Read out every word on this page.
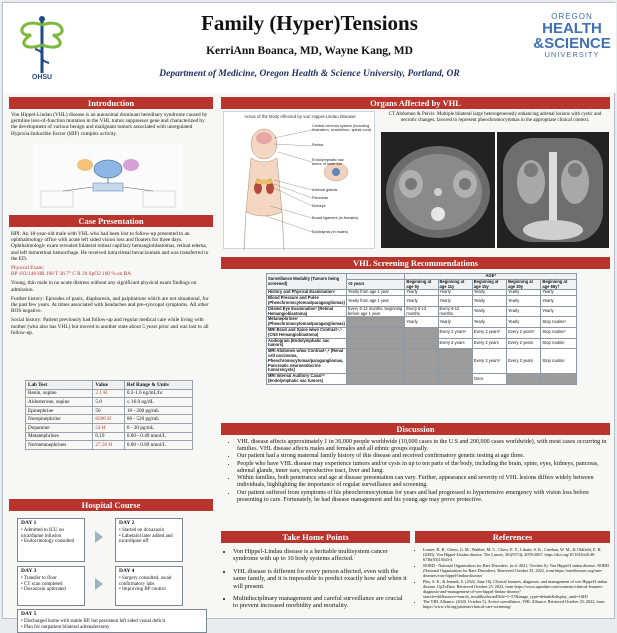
OHSU
Family (Hyper)Tensions
KerriAnn Boanca, MD, Wayne Kang, MD
Department of Medicine, Oregon Health & Science University, Portland, OR
OREGON
HEALTH
&SCIENCE
UNIVERSITY
Introduction
Von Hippel-Lindau (VHL) disease is an autosomal dominant hereditary syndrome caused by germline loss-of-function mutation in the VHL tumor suppressor gene and characterized by the development of various benign and malignant tumors associated with unregulated Hypoxia-Inducible Factor (HIF) complex activity.
Case Presentation

HPI: An 18-year-old male with VHL who had been lost to follow-up presented to an ophthalmology office with acute left sided vision loss and floaters for three days. Ophthalmologic exam revealed bilateral retinal capillary hemangioblastomas, retinal edema, and left intraretinal hemorrhage. He received intravitreal bevacizumab and was transferred to the ED.

Physical Exam:

BP 183/148 HR 108 T 36.7° C R 20 SpO2 100 % on RA

Young, thin male in no acute distress without any significant physical exam findings on admission.

Further history: Episodes of panic, diaphoresis, and palpitations which are not situational, for the past few years. At times associated with headaches and pre-syncopal symptoms. All other ROS negative.

Social history: Patient previously had follow-up and regular medical care while living with mother (who also has VHL) but moved to another state about 5 years prior and was lost to all follow-up.

Lab Test	Value	Ref Range & Units
Renin, supine	2.1 H	0.2-1.6 ng/mL/hr
Aldosterone, supine	5.0	≤ 16.0 ng/dL
Epinephrine	50	10 - 200 pg/mL
Norepinephrine	8206 H	80 - 520 pg/mL
Dopamine	54 H	0 - 20 pg/mL
Metanephrines	0.19	0.00 - 0.49 nmol/L
Normetanephrines	27.50 H	0.00 - 0.89 nmol/L
Hospital Course
DAY 1
• Admitted to ICU on nicardipine infusion
• Endocrinology consulted
DAY 2
• Started on doxazosin
• Labetalol later added and nicardipine off
DAY 3
• Transfer to floor
• CT scan completed
• Doxazosin uptitrated
DAY 4
• Surgery consulted, await confirmatory labs
• Improving BP control
DAY 5
• Discharged home with stable BP, but persistent left sided visual deficit
• Plan for outpatient bilateral adrenalectomy
Organs Affected by VHL
Areas of the Body Affected by von Hippel-Lindau Disease
Central nervous system (including brainstem, cerebellum, spinal cord)
Retina
Endolymphatic sac tumor of inner ear
Adrenal glands
Pancreas
Kidneys
Broad ligament (in females)
Epididymis (in males)
CT Abdomen & Pelvis: Multiple bilateral large heterogeneously enhancing adrenal lesions with cystic and necrotic changes, favored to represent pheochromocytomas in the appropriate clinical context.
VHL Screening Recommendations
Surveillance Modality (Tumors being screened)		AGE*				
	<5 years	Beginning at age 5y	Beginning at age 11y	Beginning at age 15y	Beginning at age 30y	Beginning at age 65y†
History and Physical Examination¹	Yearly from age 1 year	Yearly	Yearly	Yearly	Yearly	Yearly
Blood Pressure and Pulse (Pheochromocytomas/paragangliomas)	Yearly from age 1 year	Yearly	Yearly	Yearly	Yearly	Yearly
Dilated Eye Examination² (Retinal Hemangioblastoma)	Every 6-12 months, beginning before age 1 year	Every 6-12 months	Every 6-12 months	Yearly	Yearly	Yearly
Metanephrines³ (Pheochromocytomas/paragangliomas)		Yearly	Yearly	Yearly	Yearly	Stop routine¹
MRI Brain and Spine w/wo Contrast⁴,⁵ (CNS Hemangioblastoma)			Every 2 years⁶	Every 2 years⁶	Every 2 years⁶	Stop routine⁷
Audiogram (Endolymphatic sac tumors)			Every 2 years	Every 2 years	Every 2 years	Stop routine
MRI Abdomen w/wo Contrast⁴,⁸ (Renal cell carcinoma, Pheochromocytomas/paragangliomas, Pancreatic neuroendocrine tumors/cysts)				Every 2 years⁹	Every 2 years	Stop routine
MRI Internal Auditory Canal¹⁰ (Endolymphatic sac tumors)				Once		
Discussion
• VHL disease affects approximately 1 in 36,000 people worldwide (10,000 cases in the U.S and 200,000 cases worldwide), with most cases occurring in families. VHL disease affects males and females and all ethnic groups equally.
• Our patient had a strong maternal family history of this disease and received confirmatory genetic testing at age three.
• People who have VHL disease may experience tumors and/or cysts in up to ten parts of the body, including the brain, spine, eyes, kidneys, pancreas, adrenal glands, inner ears, reproductive tract, liver and lung.
• Within families, both penetrance and age at disease presentation can vary. Further, appearance and severity of VHL lesions differs widely between individuals, highlighting the importance of regular surveillance and screening.
• Our patient suffered from symptoms of his pheochromocytomas for years and had progressed to hypertensive emergency with vision loss before presenting to care. Fortunately, he had disease management and his young age may prove protective.
Take Home Points
• Von Hippel-Lindau disease is a heritable multisystem cancer syndrome with up to 10 body systems affected.
• VHL disease is different for every person affected, even with the same family, and it is impossible to predict exactly how and when it will present.
• Multidisciplinary management and careful surveillance are crucial to prevent increased morbidity and mortality.
References
• Lonser, R. R., Glenn, G. M., Walther, M. C., Chew, E. Y., Libutti, S. K., Linehan, W. M., & Oldfield, E. H. (2003). Von Hippel-Lindau disease. The Lancet, 361(9374), 2059-2067. https://doi.org/10.1016/s0140-6736(03)13643-4
• NORD - National Organization for Rare Disorders. (n.d.-2021, October 6). Von Hippel-Lindau disease. NORD (National Organization for Rare Disorders). Retrieved October 25, 2022, from https://rarediseases.org/rare-diseases/von-hippel-lindau-disease/
• Plas, S. E., & Jenardi, S. (2022, June 16). Clinical features, diagnosis, and management of von Hippel-Lindau disease. UpToDate. Retrieved October 25, 2022, from https://www.uptodate.com/contents/clinical-features-diagnosis-and-management-of-von-hippel-lindau-disease?search=vhl&source=search_result&selectedTitle=1~57&usage_type=default&display_rank=1#H1
• The VHL Alliance. (2020, October 5). Active surveillance. VHL Alliance. Retrieved October 25, 2022, from https://www.vhl.org/patients/clinical-care-screening/
